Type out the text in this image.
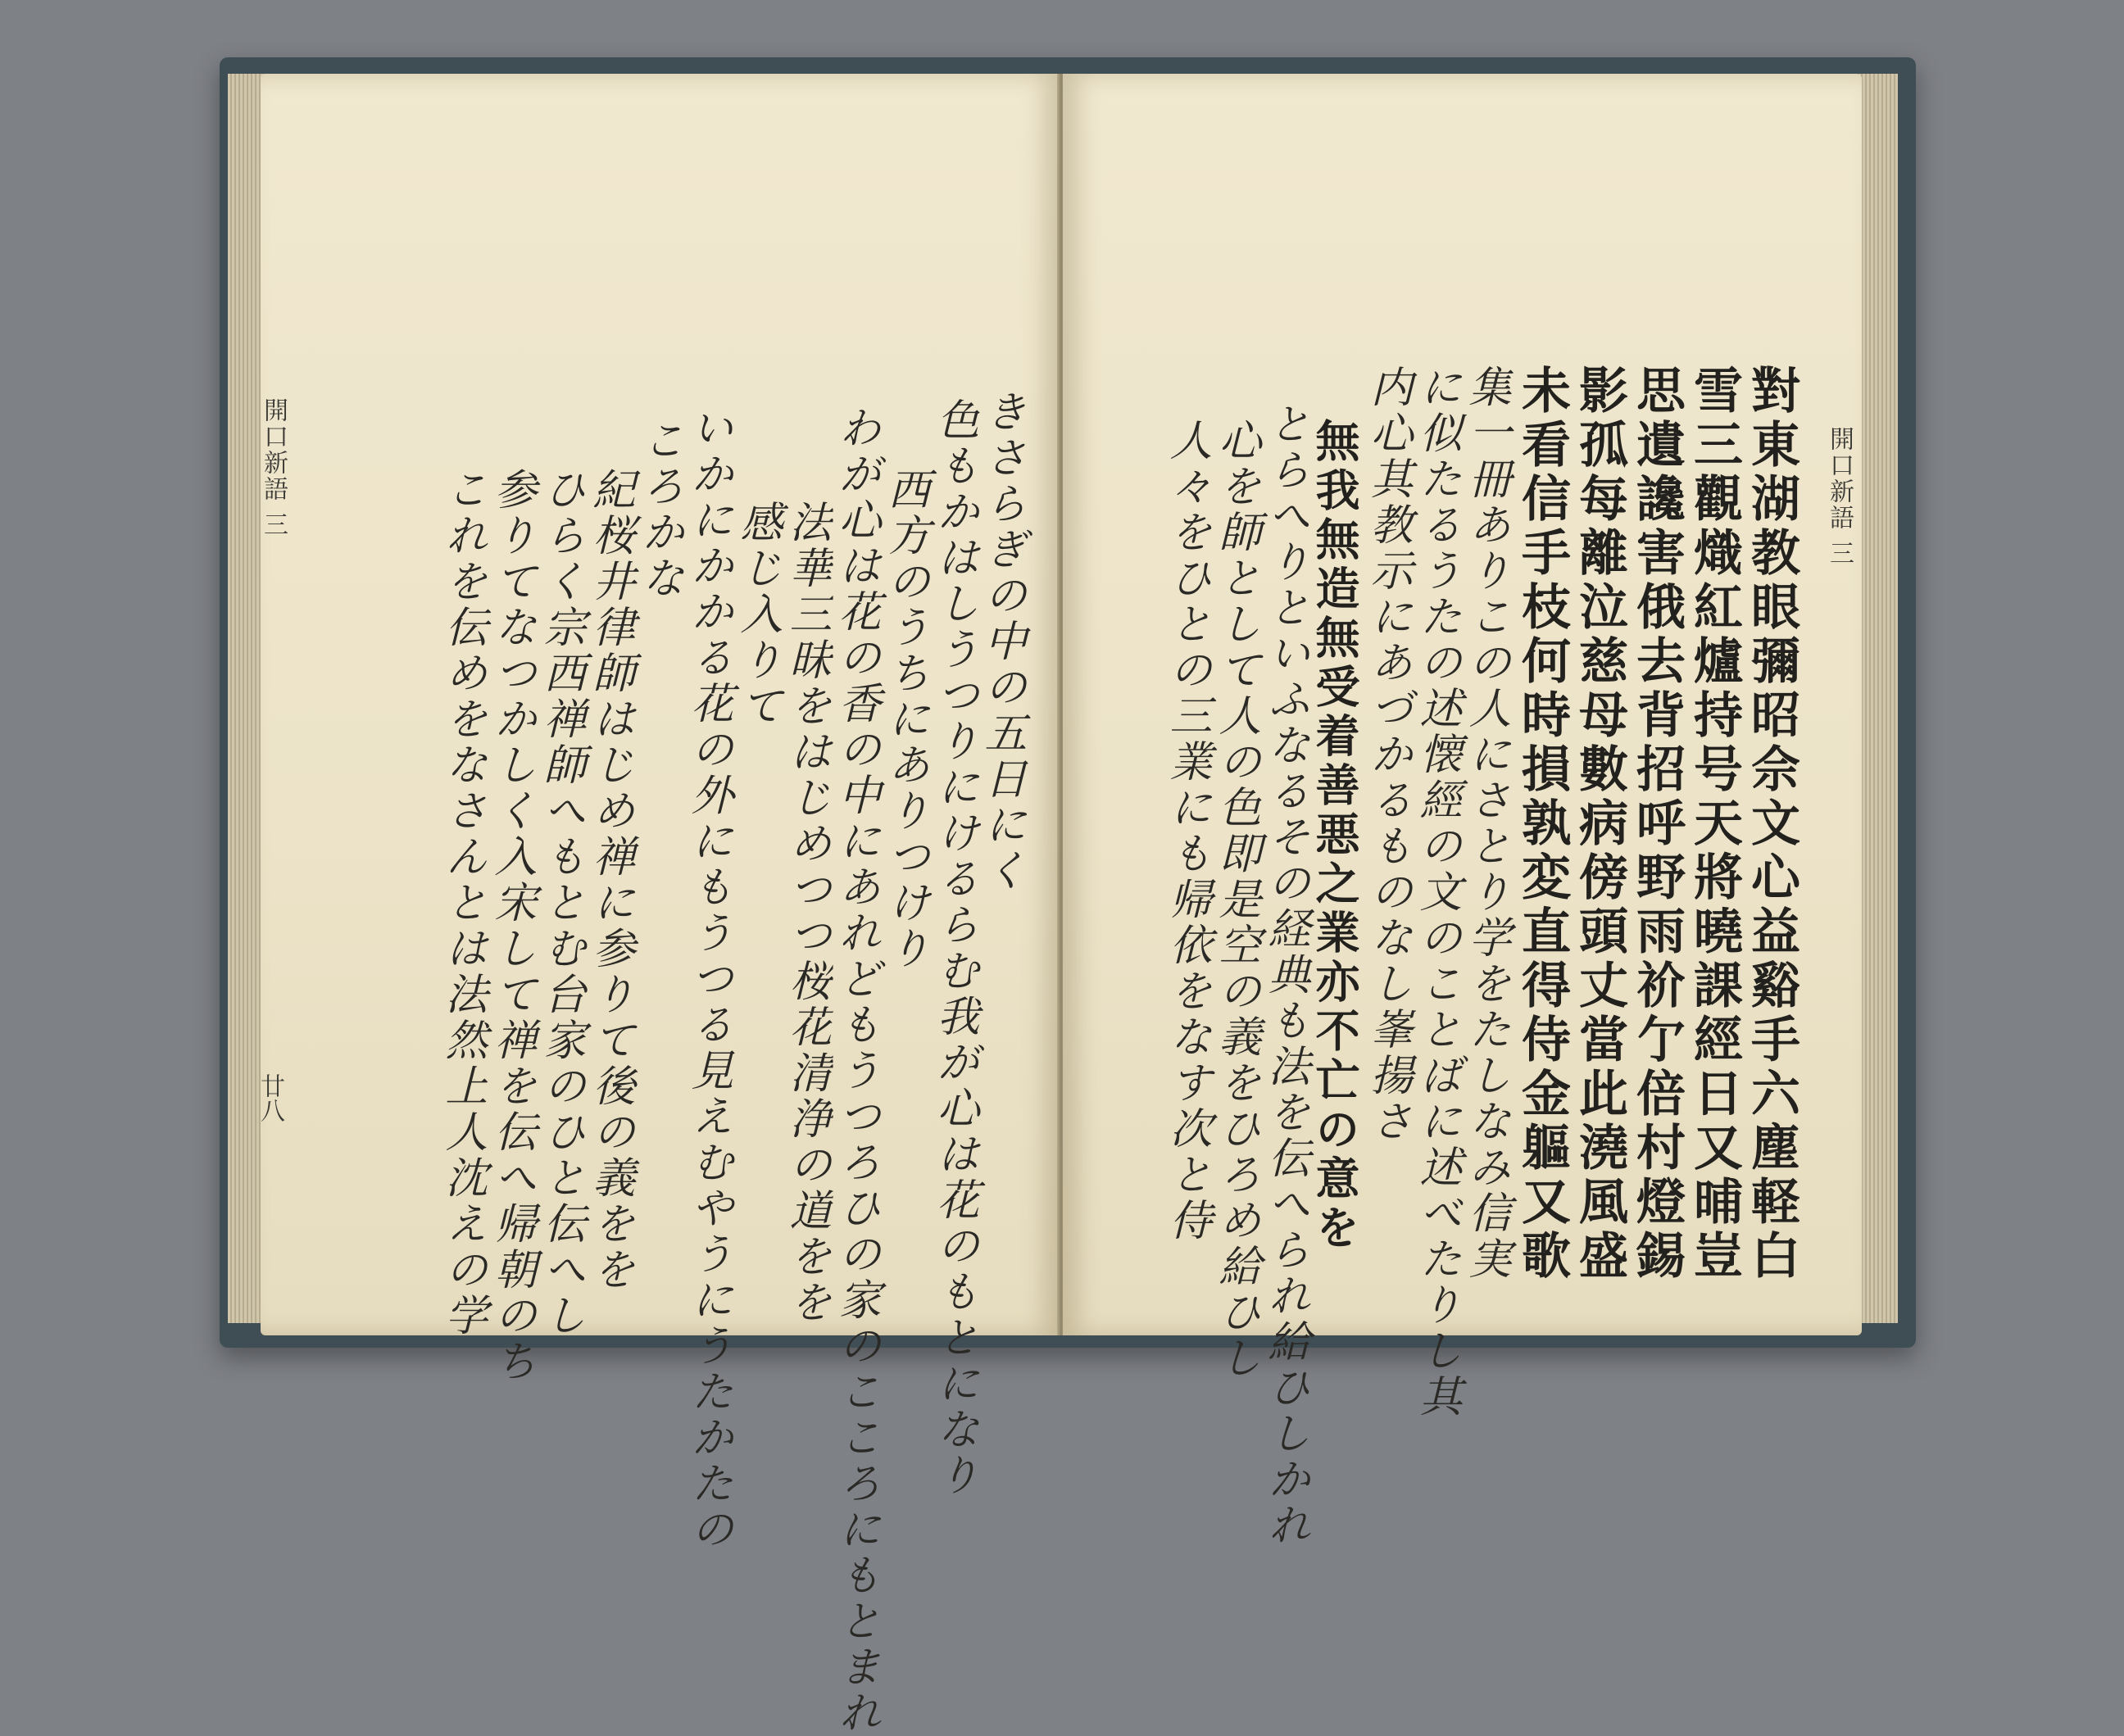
開口新語 三
廿八
きさらぎの中の五日にく
色もかはしうつりにけるらむ我が心は花のもとになり
西方のうちにありつけり
わが心は花の香の中にあれどもうつろひの家のこころにもとまれ
法華三昧をはじめつつ桜花清浄の道をを
感じ入りて
いかにかかる花の外にもうつる見えむやうにうたかたの
ころかな
紀桜井律師はじめ禅に参りて後の義をを
ひらく宗西禅師へもとむ台家のひと伝へし
参りてなつかしく入宋して禅を伝へ帰朝のち
これを伝めをなさんとは法然上人沈えの学	開口新語 三
對東湖教眼彌昭佘文心益谿手六塵軽白
雪三觀熾紅爐持号天將曉課經日又晡豈
思遺讒害俄去背招呼野雨祄亇倍村燈錫
影孤每離泣慈母數病傍頭丈當此澆風盛
未看信手枝何時損孰変直得侍金軀又歌
集一冊ありこの人にさとり学をたしなみ信実
に似たるうたの述懐經の文のことばに述べたりし其
内心其教示にあづかるものなし峯揚さ
無我無造無受着善悪之業亦不亡の意を
とらへりといふなるその経典も法を伝へられ給ひしかれ
心を師として人の色即是空の義をひろめ給ひし
人々をひとの三業にも帰依をなす次と侍
